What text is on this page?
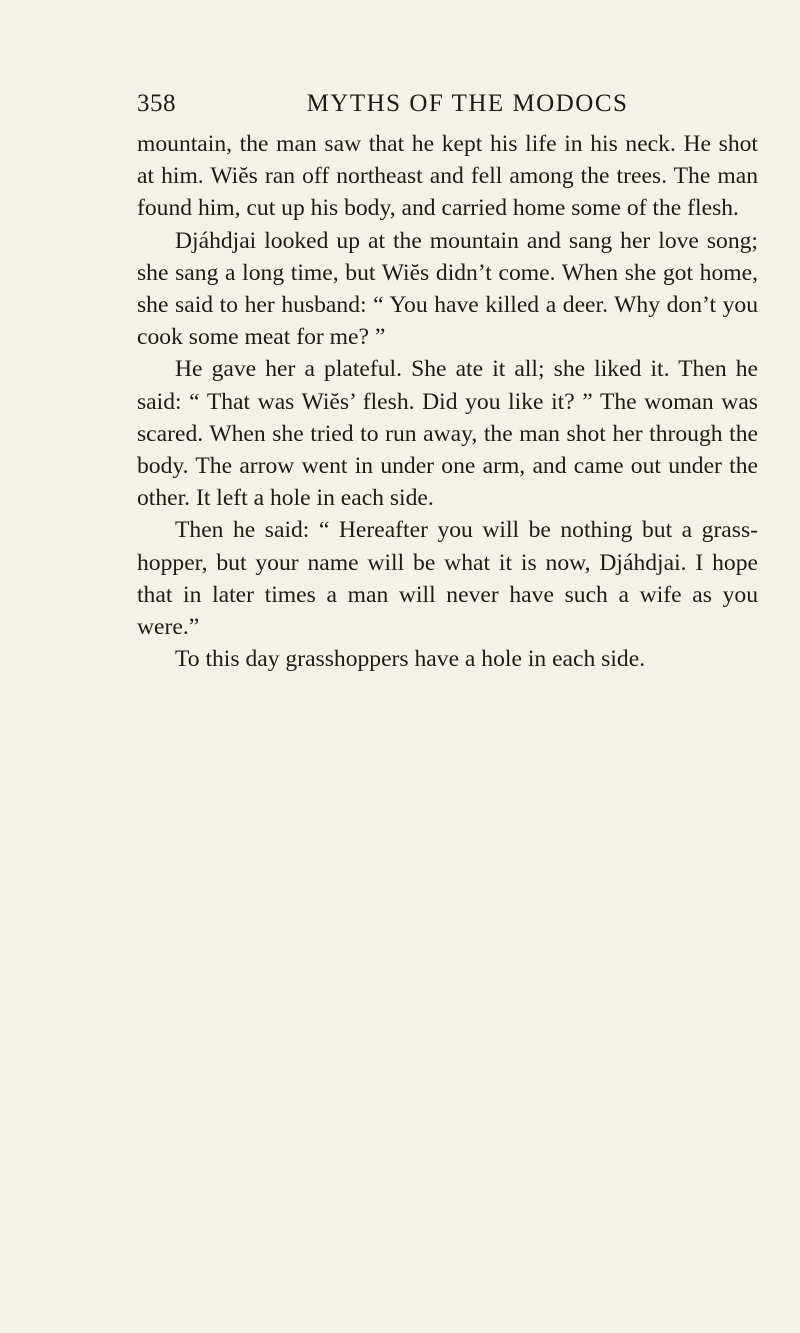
358	MYTHS OF THE MODOCS

mountain, the man saw that he kept his life in his neck. He shot at him. Wiĕs ran off northeast and fell among the trees. The man found him, cut up his body, and carried home some of the flesh.

Djáhdjai looked up at the mountain and sang her love song; she sang a long time, but Wiĕs didn’t come. When she got home, she said to her husband: “ You have killed a deer. Why don’t you cook some meat for me? ”

He gave her a plateful. She ate it all; she liked it. Then he said: “ That was Wiĕs’ flesh. Did you like it? ” The woman was scared. When she tried to run away, the man shot her through the body. The arrow went in under one arm, and came out under the other. It left a hole in each side.

Then he said: “ Hereafter you will be nothing but a grass-hopper, but your name will be what it is now, Djáhdjai. I hope that in later times a man will never have such a wife as you were.”

To this day grasshoppers have a hole in each side.
